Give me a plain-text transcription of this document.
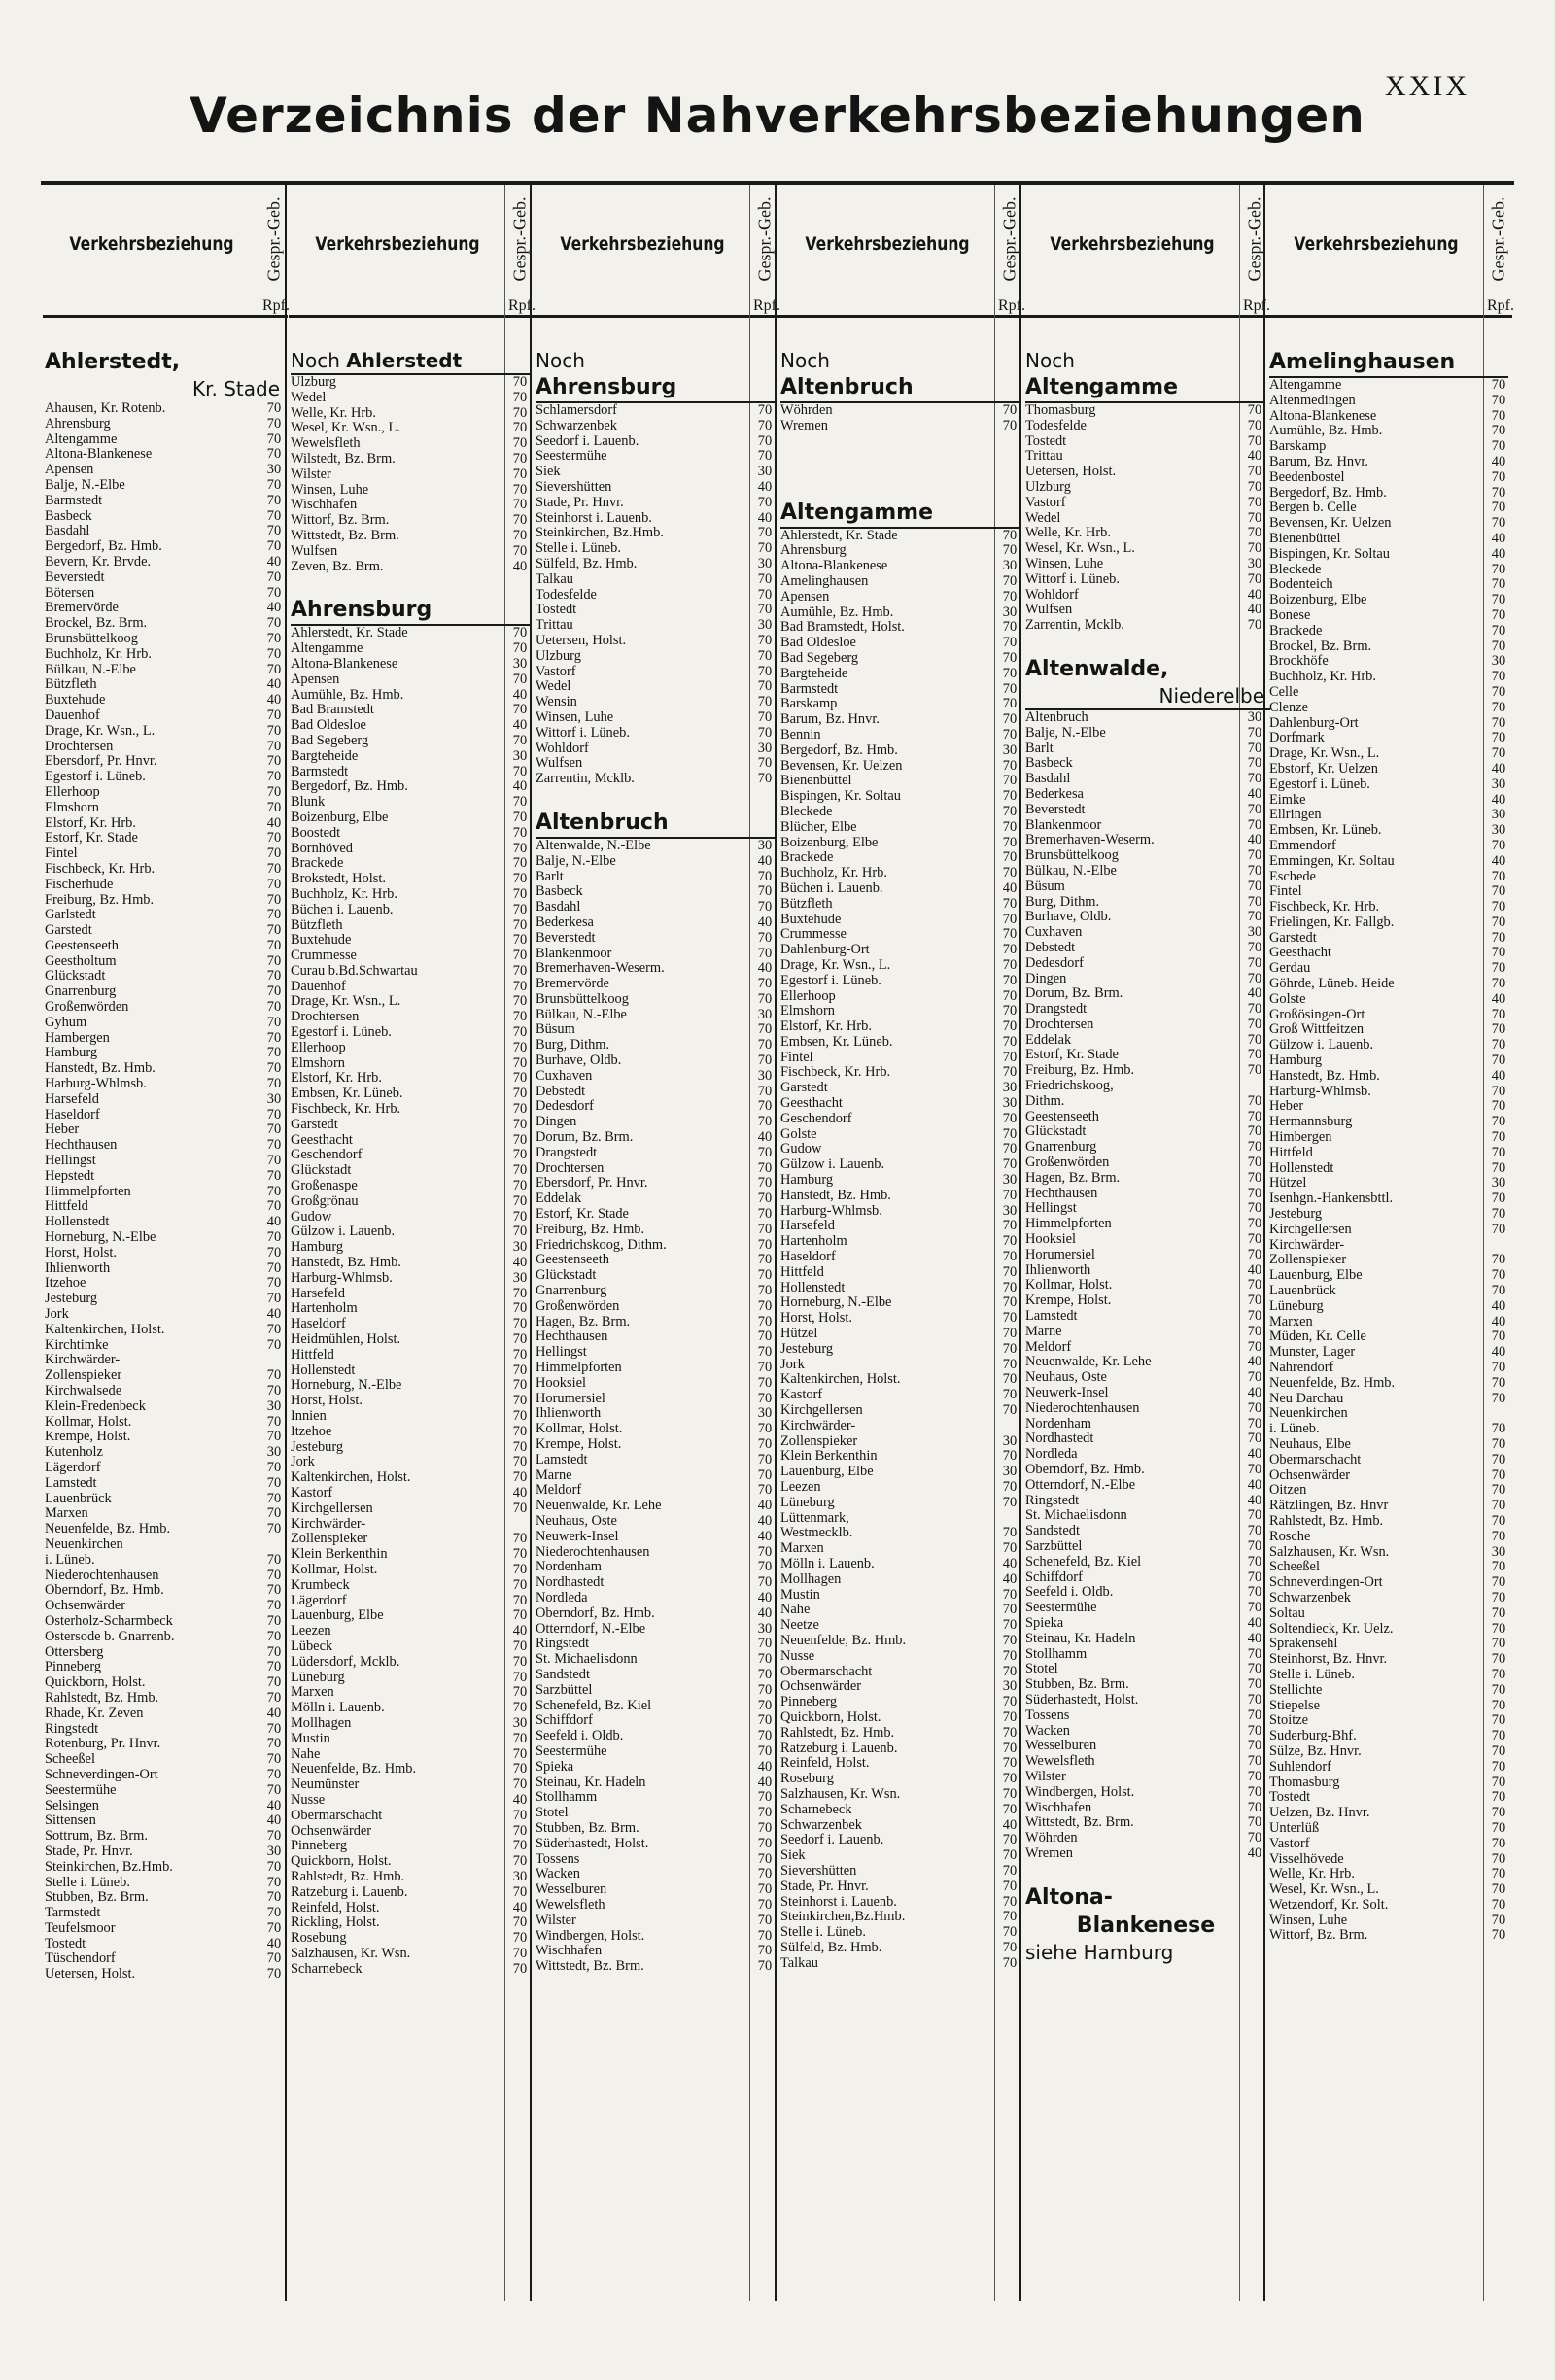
XXIX
Verzeichnis der Nahverkehrsbeziehungen
Verkehrsbeziehung	Gespr.-Geb.
Rpf.
Verkehrsbeziehung	Gespr.-Geb.
Rpf.
Verkehrsbeziehung	Gespr.-Geb.
Rpf.
Verkehrsbeziehung	Gespr.-Geb.
Rpf.
Verkehrsbeziehung	Gespr.-Geb.
Rpf.
Verkehrsbeziehung	Gespr.-Geb.
Rpf.
Ahlerstedt,
Kr. Stade
Ahausen, Kr. Rotenb.	70
Ahrensburg	70
Altengamme	70
Altona-Blankenese	70
Apensen	30
Balje, N.-Elbe	70
Barmstedt	70
Basbeck	70
Basdahl	70
Bergedorf, Bz. Hmb.	70
Bevern, Kr. Brvde.	40
Beverstedt	70
Bötersen	70
Bremervörde	40
Brockel, Bz. Brm.	70
Brunsbüttelkoog	70
Buchholz, Kr. Hrb.	70
Bülkau, N.-Elbe	70
Bützfleth	40
Buxtehude	40
Dauenhof	70
Drage, Kr. Wsn., L.	70
Drochtersen	70
Ebersdorf, Pr. Hnvr.	70
Egestorf i. Lüneb.	70
Ellerhoop	70
Elmshorn	70
Elstorf, Kr. Hrb.	40
Estorf, Kr. Stade	70
Fintel	70
Fischbeck, Kr. Hrb.	70
Fischerhude	70
Freiburg, Bz. Hmb.	70
Garlstedt	70
Garstedt	70
Geestenseeth	70
Geestholtum	70
Glückstadt	70
Gnarrenburg	70
Großenwörden	70
Gyhum	70
Hambergen	70
Hamburg	70
Hanstedt, Bz. Hmb.	70
Harburg-Whlmsb.	70
Harsefeld	30
Haseldorf	70
Heber	70
Hechthausen	70
Hellingst	70
Hepstedt	70
Himmelpforten	70
Hittfeld	70
Hollenstedt	40
Horneburg, N.-Elbe	70
Horst, Holst.	70
Ihlienworth	70
Itzehoe	70
Jesteburg	70
Jork	40
Kaltenkirchen, Holst.	70
Kirchtimke	70
Kirchwärder-
Zollenspieker	70
Kirchwalsede	70
Klein-Fredenbeck	30
Kollmar, Holst.	70
Krempe, Holst.	70
Kutenholz	30
Lägerdorf	70
Lamstedt	70
Lauenbrück	70
Marxen	70
Neuenfelde, Bz. Hmb.	70
Neuenkirchen
i. Lüneb.	70
Niederochtenhausen	70
Oberndorf, Bz. Hmb.	70
Ochsenwärder	70
Osterholz-Scharmbeck	70
Ostersode b. Gnarrenb.	70
Ottersberg	70
Pinneberg	70
Quickborn, Holst.	70
Rahlstedt, Bz. Hmb.	70
Rhade, Kr. Zeven	40
Ringstedt	70
Rotenburg, Pr. Hnvr.	70
Scheeßel	70
Schneverdingen-Ort	70
Seestermühe	70
Selsingen	40
Sittensen	40
Sottrum, Bz. Brm.	70
Stade, Pr. Hnvr.	30
Steinkirchen, Bz.Hmb.	70
Stelle i. Lüneb.	70
Stubben, Bz. Brm.	70
Tarmstedt	70
Teufelsmoor	70
Tostedt	40
Tüschendorf	70
Uetersen, Holst.	70
Noch Ahlerstedt
Ulzburg	70
Wedel	70
Welle, Kr. Hrb.	70
Wesel, Kr. Wsn., L.	70
Wewelsfleth	70
Wilstedt, Bz. Brm.	70
Wilster	70
Winsen, Luhe	70
Wischhafen	70
Wittorf, Bz. Brm.	70
Wittstedt, Bz. Brm.	70
Wulfsen	70
Zeven, Bz. Brm.	40
Ahrensburg
Ahlerstedt, Kr. Stade	70
Altengamme	70
Altona-Blankenese	30
Apensen	70
Aumühle, Bz. Hmb.	40
Bad Bramstedt	70
Bad Oldesloe	40
Bad Segeberg	70
Bargteheide	30
Barmstedt	70
Bergedorf, Bz. Hmb.	40
Blunk	70
Boizenburg, Elbe	70
Boostedt	70
Bornhöved	70
Brackede	70
Brokstedt, Holst.	70
Buchholz, Kr. Hrb.	70
Büchen i. Lauenb.	70
Bützfleth	70
Buxtehude	70
Crummesse	70
Curau b.Bd.Schwartau	70
Dauenhof	70
Drage, Kr. Wsn., L.	70
Drochtersen	70
Egestorf i. Lüneb.	70
Ellerhoop	70
Elmshorn	70
Elstorf, Kr. Hrb.	70
Embsen, Kr. Lüneb.	70
Fischbeck, Kr. Hrb.	70
Garstedt	70
Geesthacht	70
Geschendorf	70
Glückstadt	70
Großenaspe	70
Großgrönau	70
Gudow	70
Gülzow i. Lauenb.	70
Hamburg	30
Hanstedt, Bz. Hmb.	40
Harburg-Whlmsb.	30
Harsefeld	70
Hartenholm	70
Haseldorf	70
Heidmühlen, Holst.	70
Hittfeld	70
Hollenstedt	70
Horneburg, N.-Elbe	70
Horst, Holst.	70
Innien	70
Itzehoe	70
Jesteburg	70
Jork	70
Kaltenkirchen, Holst.	70
Kastorf	40
Kirchgellersen	70
Kirchwärder-
Zollenspieker	70
Klein Berkenthin	70
Kollmar, Holst.	70
Krumbeck	70
Lägerdorf	70
Lauenburg, Elbe	70
Leezen	40
Lübeck	70
Lüdersdorf, Mcklb.	70
Lüneburg	70
Marxen	70
Mölln i. Lauenb.	70
Mollhagen	30
Mustin	70
Nahe	70
Neuenfelde, Bz. Hmb.	70
Neumünster	70
Nusse	40
Obermarschacht	70
Ochsenwärder	70
Pinneberg	70
Quickborn, Holst.	70
Rahlstedt, Bz. Hmb.	30
Ratzeburg i. Lauenb.	70
Reinfeld, Holst.	40
Rickling, Holst.	70
Rosebung	70
Salzhausen, Kr. Wsn.	70
Scharnebeck	70
Noch
Ahrensburg
Schlamersdorf	70
Schwarzenbek	70
Seedorf i. Lauenb.	70
Seestermühe	70
Siek	30
Sievershütten	40
Stade, Pr. Hnvr.	70
Steinhorst i. Lauenb.	40
Steinkirchen, Bz.Hmb.	70
Stelle i. Lüneb.	70
Sülfeld, Bz. Hmb.	30
Talkau	70
Todesfelde	70
Tostedt	70
Trittau	30
Uetersen, Holst.	70
Ulzburg	70
Vastorf	70
Wedel	70
Wensin	70
Winsen, Luhe	70
Wittorf i. Lüneb.	70
Wohldorf	30
Wulfsen	70
Zarrentin, Mcklb.	70
Altenbruch
Altenwalde, N.-Elbe	30
Balje, N.-Elbe	40
Barlt	70
Basbeck	70
Basdahl	70
Bederkesa	40
Beverstedt	70
Blankenmoor	70
Bremerhaven-Weserm.	40
Bremervörde	70
Brunsbüttelkoog	70
Bülkau, N.-Elbe	30
Büsum	70
Burg, Dithm.	70
Burhave, Oldb.	70
Cuxhaven	30
Debstedt	70
Dedesdorf	70
Dingen	70
Dorum, Bz. Brm.	40
Drangstedt	70
Drochtersen	70
Ebersdorf, Pr. Hnvr.	70
Eddelak	70
Estorf, Kr. Stade	70
Freiburg, Bz. Hmb.	70
Friedrichskoog, Dithm.	70
Geestenseeth	70
Glückstadt	70
Gnarrenburg	70
Großenwörden	70
Hagen, Bz. Brm.	70
Hechthausen	70
Hellingst	70
Himmelpforten	70
Hooksiel	70
Horumersiel	70
Ihlienworth	30
Kollmar, Holst.	70
Krempe, Holst.	70
Lamstedt	70
Marne	70
Meldorf	70
Neuenwalde, Kr. Lehe	40
Neuhaus, Oste	40
Neuwerk-Insel	40
Niederochtenhausen	70
Nordenham	70
Nordhastedt	70
Nordleda	40
Oberndorf, Bz. Hmb.	40
Otterndorf, N.-Elbe	30
Ringstedt	70
St. Michaelisdonn	70
Sandstedt	70
Sarzbüttel	70
Schenefeld, Bz. Kiel	70
Schiffdorf	70
Seefeld i. Oldb.	70
Seestermühe	70
Spieka	40
Steinau, Kr. Hadeln	40
Stollhamm	70
Stotel	70
Stubben, Bz. Brm.	70
Süderhastedt, Holst.	70
Tossens	70
Wacken	70
Wesselburen	70
Wewelsfleth	70
Wilster	70
Windbergen, Holst.	70
Wischhafen	70
Wittstedt, Bz. Brm.	70
Noch
Altenbruch
Wöhrden	70
Wremen	70
Altengamme
Ahlerstedt, Kr. Stade	70
Ahrensburg	70
Altona-Blankenese	30
Amelinghausen	70
Apensen	70
Aumühle, Bz. Hmb.	30
Bad Bramstedt, Holst.	70
Bad Oldesloe	70
Bad Segeberg	70
Bargteheide	70
Barmstedt	70
Barskamp	70
Barum, Bz. Hnvr.	70
Bennin	70
Bergedorf, Bz. Hmb.	30
Bevensen, Kr. Uelzen	70
Bienenbüttel	70
Bispingen, Kr. Soltau	70
Bleckede	70
Blücher, Elbe	70
Boizenburg, Elbe	70
Brackede	70
Buchholz, Kr. Hrb.	70
Büchen i. Lauenb.	40
Bützfleth	70
Buxtehude	70
Crummesse	70
Dahlenburg-Ort	70
Drage, Kr. Wsn., L.	70
Egestorf i. Lüneb.	70
Ellerhoop	70
Elmshorn	70
Elstorf, Kr. Hrb.	70
Embsen, Kr. Lüneb.	70
Fintel	70
Fischbeck, Kr. Hrb.	70
Garstedt	30
Geesthacht	30
Geschendorf	70
Golste	70
Gudow	70
Gülzow i. Lauenb.	70
Hamburg	30
Hanstedt, Bz. Hmb.	70
Harburg-Whlmsb.	30
Harsefeld	70
Hartenholm	70
Haseldorf	70
Hittfeld	70
Hollenstedt	70
Horneburg, N.-Elbe	70
Horst, Holst.	70
Hützel	70
Jesteburg	70
Jork	70
Kaltenkirchen, Holst.	70
Kastorf	70
Kirchgellersen	70
Kirchwärder-
Zollenspieker	30
Klein Berkenthin	70
Lauenburg, Elbe	30
Leezen	70
Lüneburg	70
Lüttenmark,
Westmecklb.	70
Marxen	70
Mölln i. Lauenb.	40
Mollhagen	40
Mustin	70
Nahe	70
Neetze	70
Neuenfelde, Bz. Hmb.	70
Nusse	70
Obermarschacht	70
Ochsenwärder	30
Pinneberg	70
Quickborn, Holst.	70
Rahlstedt, Bz. Hmb.	70
Ratzeburg i. Lauenb.	70
Reinfeld, Holst.	70
Roseburg	70
Salzhausen, Kr. Wsn.	70
Scharnebeck	70
Schwarzenbek	40
Seedorf i. Lauenb.	70
Siek	70
Sievershütten	70
Stade, Pr. Hnvr.	70
Steinhorst i. Lauenb.	70
Steinkirchen,Bz.Hmb.	70
Stelle i. Lüneb.	70
Sülfeld, Bz. Hmb.	70
Talkau	70
Noch
Altengamme
Thomasburg	70
Todesfelde	70
Tostedt	70
Trittau	40
Uetersen, Holst.	70
Ulzburg	70
Vastorf	70
Wedel	70
Welle, Kr. Hrb.	70
Wesel, Kr. Wsn., L.	70
Winsen, Luhe	30
Wittorf i. Lüneb.	70
Wohldorf	40
Wulfsen	40
Zarrentin, Mcklb.	70
Altenwalde,
Niederelbe
Altenbruch	30
Balje, N.-Elbe	70
Barlt	70
Basbeck	70
Basdahl	70
Bederkesa	40
Beverstedt	70
Blankenmoor	70
Bremerhaven-Weserm.	40
Brunsbüttelkoog	70
Bülkau, N.-Elbe	70
Büsum	70
Burg, Dithm.	70
Burhave, Oldb.	70
Cuxhaven	30
Debstedt	70
Dedesdorf	70
Dingen	70
Dorum, Bz. Brm.	40
Drangstedt	70
Drochtersen	70
Eddelak	70
Estorf, Kr. Stade	70
Freiburg, Bz. Hmb.	70
Friedrichskoog,
Dithm.	70
Geestenseeth	70
Glückstadt	70
Gnarrenburg	70
Großenwörden	70
Hagen, Bz. Brm.	70
Hechthausen	70
Hellingst	70
Himmelpforten	70
Hooksiel	70
Horumersiel	70
Ihlienworth	40
Kollmar, Holst.	70
Krempe, Holst.	70
Lamstedt	70
Marne	70
Meldorf	70
Neuenwalde, Kr. Lehe	40
Neuhaus, Oste	70
Neuwerk-Insel	40
Niederochtenhausen	70
Nordenham	70
Nordhastedt	70
Nordleda	40
Oberndorf, Bz. Hmb.	70
Otterndorf, N.-Elbe	40
Ringstedt	40
St. Michaelisdonn	70
Sandstedt	70
Sarzbüttel	70
Schenefeld, Bz. Kiel	70
Schiffdorf	70
Seefeld i. Oldb.	70
Seestermühe	70
Spieka	40
Steinau, Kr. Hadeln	40
Stollhamm	70
Stotel	70
Stubben, Bz. Brm.	70
Süderhastedt, Holst.	70
Tossens	70
Wacken	70
Wesselburen	70
Wewelsfleth	70
Wilster	70
Windbergen, Holst.	70
Wischhafen	70
Wittstedt, Bz. Brm.	70
Wöhrden	70
Wremen	40
Altona-
Blankenese
siehe Hamburg
Amelinghausen
Altengamme	70
Altenmedingen	70
Altona-Blankenese	70
Aumühle, Bz. Hmb.	70
Barskamp	70
Barum, Bz. Hnvr.	40
Beedenbostel	70
Bergedorf, Bz. Hmb.	70
Bergen b. Celle	70
Bevensen, Kr. Uelzen	70
Bienenbüttel	40
Bispingen, Kr. Soltau	40
Bleckede	70
Bodenteich	70
Boizenburg, Elbe	70
Bonese	70
Brackede	70
Brockel, Bz. Brm.	70
Brockhöfe	30
Buchholz, Kr. Hrb.	70
Celle	70
Clenze	70
Dahlenburg-Ort	70
Dorfmark	70
Drage, Kr. Wsn., L.	70
Ebstorf, Kr. Uelzen	40
Egestorf i. Lüneb.	30
Eimke	40
Ellringen	30
Embsen, Kr. Lüneb.	30
Emmendorf	70
Emmingen, Kr. Soltau	40
Eschede	70
Fintel	70
Fischbeck, Kr. Hrb.	70
Frielingen, Kr. Fallgb.	70
Garstedt	70
Geesthacht	70
Gerdau	70
Göhrde, Lüneb. Heide	70
Golste	40
Großösingen-Ort	70
Groß Wittfeitzen	70
Gülzow i. Lauenb.	70
Hamburg	70
Hanstedt, Bz. Hmb.	40
Harburg-Whlmsb.	70
Heber	70
Hermannsburg	70
Himbergen	70
Hittfeld	70
Hollenstedt	70
Hützel	30
Isenhgn.-Hankensbttl.	70
Jesteburg	70
Kirchgellersen	70
Kirchwärder-
Zollenspieker	70
Lauenburg, Elbe	70
Lauenbrück	70
Lüneburg	40
Marxen	40
Müden, Kr. Celle	70
Munster, Lager	40
Nahrendorf	70
Neuenfelde, Bz. Hmb.	70
Neu Darchau	70
Neuenkirchen
i. Lüneb.	70
Neuhaus, Elbe	70
Obermarschacht	70
Ochsenwärder	70
Oitzen	70
Rätzlingen, Bz. Hnvr	70
Rahlstedt, Bz. Hmb.	70
Rosche	70
Salzhausen, Kr. Wsn.	30
Scheeßel	70
Schneverdingen-Ort	70
Schwarzenbek	70
Soltau	70
Soltendieck, Kr. Uelz.	70
Sprakensehl	70
Steinhorst, Bz. Hnvr.	70
Stelle i. Lüneb.	70
Stellichte	70
Stiepelse	70
Stoitze	70
Suderburg-Bhf.	70
Sülze, Bz. Hnvr.	70
Suhlendorf	70
Thomasburg	70
Tostedt	70
Uelzen, Bz. Hnvr.	70
Unterlüß	70
Vastorf	70
Visselhövede	70
Welle, Kr. Hrb.	70
Wesel, Kr. Wsn., L.	70
Wetzendorf, Kr. Solt.	70
Winsen, Luhe	70
Wittorf, Bz. Brm.	70
